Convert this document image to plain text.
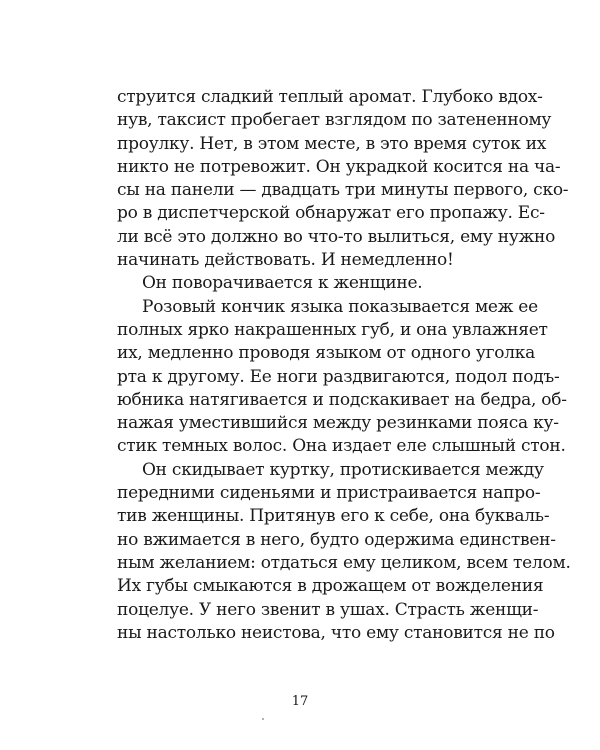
струится сладкий теплый аромат. Глубоко вдох-
нув, таксист пробегает взглядом по затененному
проулку. Нет, в этом месте, в это время суток их
никто не потревожит. Он украдкой косится на ча-
сы на панели — двадцать три минуты первого, ско-
ро в диспетчерской обнаружат его пропажу. Ес-
ли всё это должно во что-то вылиться, ему нужно
начинать действовать. И немедленно!
Он поворачивается к женщине.
Розовый кончик языка показывается меж ее
полных ярко накрашенных губ, и она увлажняет
их, медленно проводя языком от одного уголка
рта к другому. Ее ноги раздвигаются, подол подъ-
юбника натягивается и подскакивает на бедра, об-
нажая уместившийся между резинками пояса ку-
стик темных волос. Она издает еле слышный стон.
Он скидывает куртку, протискивается между
передними сиденьями и пристраивается напро-
тив женщины. Притянув его к себе, она букваль-
но вжимается в него, будто одержима единствен-
ным желанием: отдаться ему целиком, всем телом.
Их губы смыкаются в дрожащем от вожделения
поцелуе. У него звенит в ушах. Страсть женщи-
ны настолько неистова, что ему становится не по
17
